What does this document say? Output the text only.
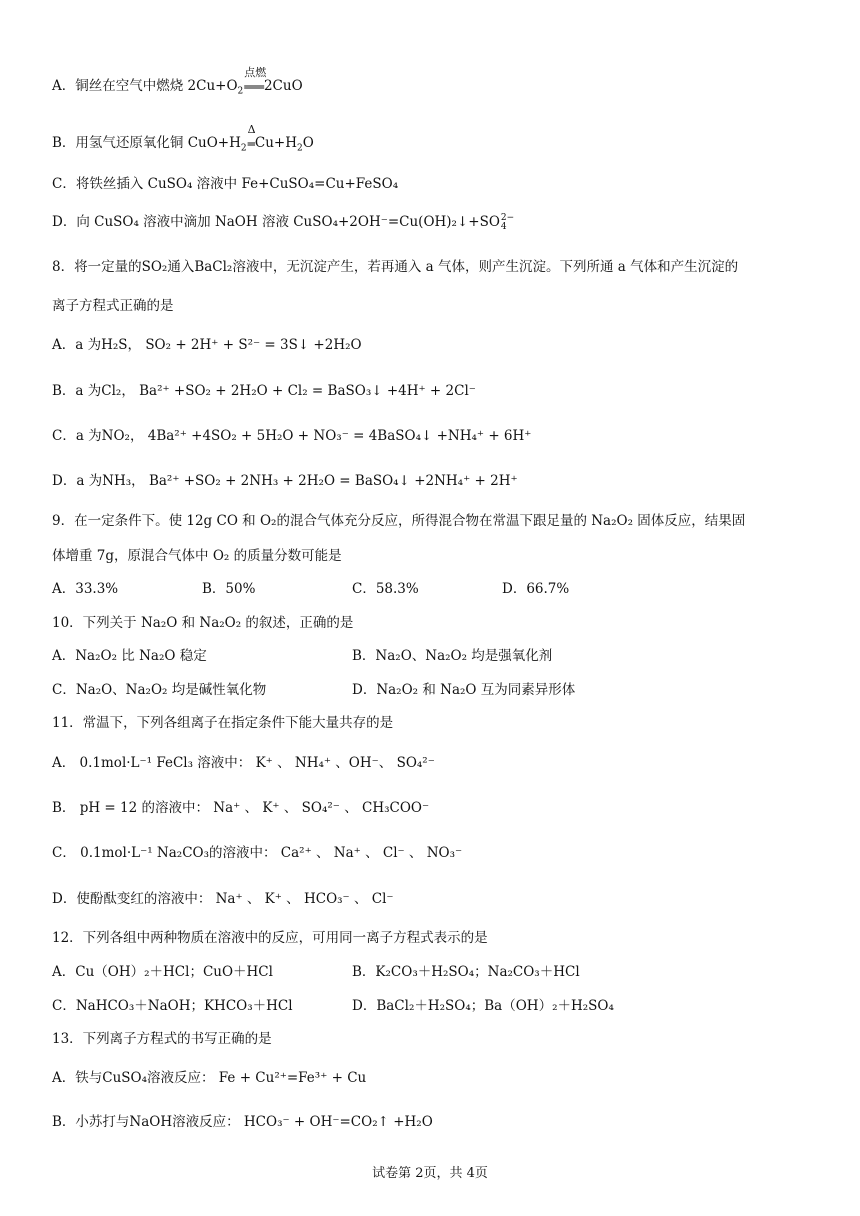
A．铜丝在空气中燃烧 $2Cu+O_2$
点燃
═══ 2CuO
B．用氢气还原氧化铜 $CuO+H_2$
Δ
═ $Cu+H_2O$
C．将铁丝插入 CuSO₄ 溶液中 Fe+CuSO₄=Cu+FeSO₄
D．向 CuSO₄ 溶液中滴加 NaOH 溶液 CuSO₄+2OH⁻=Cu(OH)₂↓+SO2−
4
8．将一定量的SO₂通入BaCl₂溶液中，无沉淀产生，若再通入 a 气体，则产生沉淀。下列所通 a 气体和产生沉淀的
离子方程式正确的是
A．a 为H₂S， SO₂ + 2H⁺ + S²⁻ = 3S↓ +2H₂O
B．a 为Cl₂， Ba²⁺ +SO₂ + 2H₂O + Cl₂ = BaSO₃↓ +4H⁺ + 2Cl⁻
C．a 为NO₂， 4Ba²⁺ +4SO₂ + 5H₂O + NO₃⁻ = 4BaSO₄↓ +NH₄⁺ + 6H⁺
D．a 为NH₃， Ba²⁺ +SO₂ + 2NH₃ + 2H₂O = BaSO₄↓ +2NH₄⁺ + 2H⁺
9．在一定条件下。使 12g CO 和 O₂的混合气体充分反应，所得混合物在常温下跟足量的 Na₂O₂ 固体反应，结果固
体增重 7g，原混合气体中 O₂ 的质量分数可能是
A．33.3%	B．50%	C．58.3%	D．66.7%
10．下列关于 Na₂O 和 Na₂O₂ 的叙述，正确的是
A．Na₂O₂ 比 Na₂O 稳定	B．Na₂O、Na₂O₂ 均是强氧化剂
C．Na₂O、Na₂O₂ 均是碱性氧化物	D．Na₂O₂ 和 Na₂O 互为同素异形体
11．常温下，下列各组离子在指定条件下能大量共存的是
A． 0.1mol·L⁻¹ FeCl₃ 溶液中： K⁺ 、 NH₄⁺ 、OH⁻、 SO₄²⁻
B． pH = 12 的溶液中： Na⁺ 、 K⁺ 、 SO₄²⁻ 、 CH₃COO⁻
C． 0.1mol·L⁻¹ Na₂CO₃的溶液中： Ca²⁺ 、 Na⁺ 、 Cl⁻ 、 NO₃⁻
D．使酚酞变红的溶液中： Na⁺ 、 K⁺ 、 HCO₃⁻ 、 Cl⁻
12．下列各组中两种物质在溶液中的反应，可用同一离子方程式表示的是
A．Cu（OH）₂＋HCl；CuO＋HCl	B．K₂CO₃＋H₂SO₄；Na₂CO₃＋HCl
C．NaHCO₃＋NaOH；KHCO₃＋HCl	D．BaCl₂＋H₂SO₄；Ba（OH）₂＋H₂SO₄
13．下列离子方程式的书写正确的是
A．铁与CuSO₄溶液反应： Fe + Cu²⁺=Fe³⁺ + Cu
B．小苏打与NaOH溶液反应： HCO₃⁻ + OH⁻=CO₂↑ +H₂O
试卷第 2页，共 4页
